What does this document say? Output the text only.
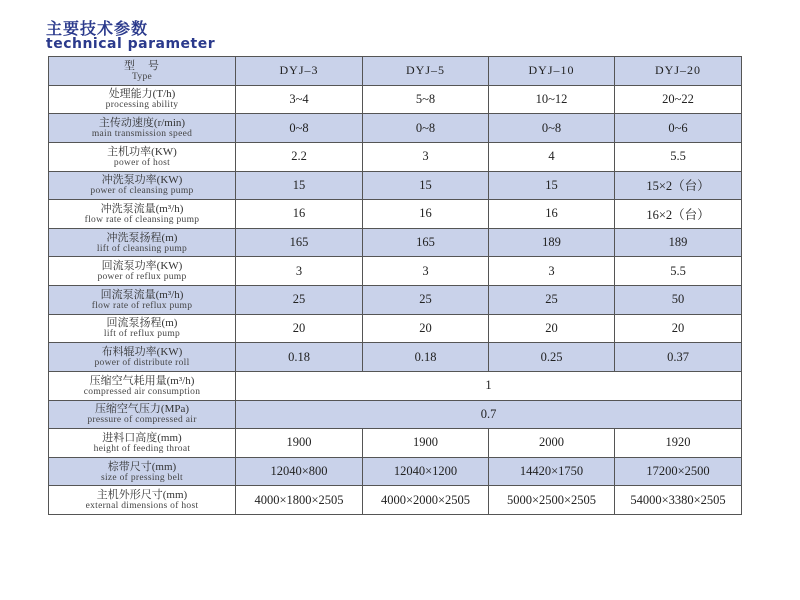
主要技术参数
technical parameter
型　号
Type	DYJ–3	DYJ–5	DYJ–10	DYJ–20

处理能力(T/h)
processing ability	3~4	5~8	10~12	20~22

主传动速度(r/min)
main transmission speed	0~8	0~8	0~8	0~6

主机功率(KW)
power of host	2.2	3	4	5.5

冲洗泵功率(KW)
power of cleansing pump	15	15	15	15×2（台）

冲洗泵流量(m³/h)
flow rate of cleansing pump	16	16	16	16×2（台）

冲洗泵扬程(m)
lift of cleansing pump	165	165	189	189

回流泵功率(KW)
power of reflux pump	3	3	3	5.5

回流泵流量(m³/h)
flow rate of reflux pump	25	25	25	50

回流泵扬程(m)
lift of reflux pump	20	20	20	20

布料辊功率(KW)
power of distribute roll	0.18	0.18	0.25	0.37

压缩空气耗用量(m³/h)
compressed air consumption	1			

压缩空气压力(MPa)
pressure of compressed air	0.7			

进料口高度(mm)
height of feeding throat	1900	1900	2000	1920

棕带尺寸(mm)
size of pressing belt	12040×800	12040×1200	14420×1750	17200×2500

主机外形尺寸(mm)
external dimensions of host	4000×1800×2505	4000×2000×2505	5000×2500×2505	54000×3380×2505
